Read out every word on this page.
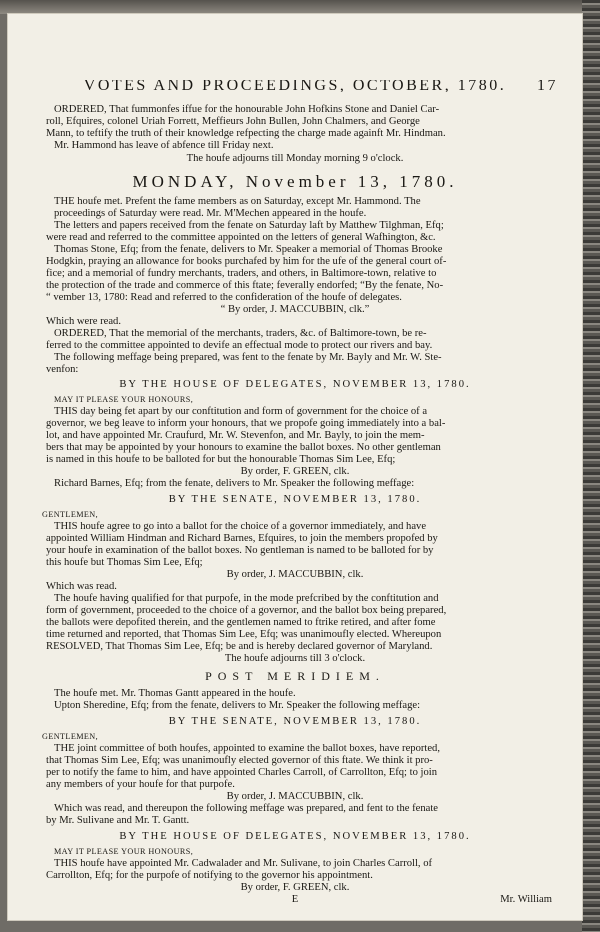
VOTES AND PROCEEDINGS, OCTOBER, 1780. 17
ORDERED, That fummonfes iffue for the honourable John Hofkins Stone and Daniel Car-
roll, Efquires, colonel Uriah Forrett, Meffieurs John Bullen, John Chalmers, and George
Mann, to teftify the truth of their knowledge refpecting the charge made againft Mr. Hindman.
Mr. Hammond has leave of abfence till Friday next.
The houfe adjourns till Monday morning 9 o'clock.
MONDAY, November 13, 1780.
THE houfe met. Prefent the fame members as on Saturday, except Mr. Hammond. The
proceedings of Saturday were read. Mr. M'Mechen appeared in the houfe.
The letters and papers received from the fenate on Saturday laft by Matthew Tilghman, Efq;
were read and referred to the committee appointed on the letters of general Wafhington, &c.
Thomas Stone, Efq; from the fenate, delivers to Mr. Speaker a memorial of Thomas Brooke
Hodgkin, praying an allowance for books purchafed by him for the ufe of the general court of-
fice; and a memorial of fundry merchants, traders, and others, in Baltimore-town, relative to
the protection of the trade and commerce of this ftate; feverally endorfed; “By the fenate, No-
“ vember 13, 1780: Read and referred to the confideration of the houfe of delegates.
“ By order, J. MACCUBBIN, clk.”
Which were read.
ORDERED, That the memorial of the merchants, traders, &c. of Baltimore-town, be re-
ferred to the committee appointed to devife an effectual mode to protect our rivers and bay.
The following meffage being prepared, was fent to the fenate by Mr. Bayly and Mr. W. Ste-
venfon:
BY THE HOUSE OF DELEGATES, NOVEMBER 13, 1780.
MAY IT PLEASE YOUR HONOURS,
THIS day being fet apart by our conftitution and form of government for the choice of a
governor, we beg leave to inform your honours, that we propofe going immediately into a bal-
lot, and have appointed Mr. Craufurd, Mr. W. Stevenfon, and Mr. Bayly, to join the mem-
bers that may be appointed by your honours to examine the ballot boxes. No other gentleman
is named in this houfe to be balloted for but the honourable Thomas Sim Lee, Efq;
By order, F. GREEN, clk.
Richard Barnes, Efq; from the fenate, delivers to Mr. Speaker the following meffage:
BY THE SENATE, NOVEMBER 13, 1780.
GENTLEMEN,
THIS houfe agree to go into a ballot for the choice of a governor immediately, and have
appointed William Hindman and Richard Barnes, Efquires, to join the members propofed by
your houfe in examination of the ballot boxes. No gentleman is named to be balloted for by
this houfe but Thomas Sim Lee, Efq;
By order, J. MACCUBBIN, clk.
Which was read.
The houfe having qualified for that purpofe, in the mode prefcribed by the conftitution and
form of government, proceeded to the choice of a governor, and the ballot box being prepared,
the ballots were depofited therein, and the gentlemen named to ftrike retired, and after fome
time returned and reported, that Thomas Sim Lee, Efq; was unanimoufly elected. Whereupon
RESOLVED, That Thomas Sim Lee, Efq; be and is hereby declared governor of Maryland.
The houfe adjourns till 3 o'clock.
POST MERIDIEM.
The houfe met. Mr. Thomas Gantt appeared in the houfe.
Upton Sheredine, Efq; from the fenate, delivers to Mr. Speaker the following meffage:
BY THE SENATE, NOVEMBER 13, 1780.
GENTLEMEN,
THE joint committee of both houfes, appointed to examine the ballot boxes, have reported,
that Thomas Sim Lee, Efq; was unanimoufly elected governor of this ftate. We think it pro-
per to notify the fame to him, and have appointed Charles Carroll, of Carrollton, Efq; to join
any members of your houfe for that purpofe.
By order, J. MACCUBBIN, clk.
Which was read, and thereupon the following meffage was prepared, and fent to the fenate
by Mr. Sulivane and Mr. T. Gantt.
BY THE HOUSE OF DELEGATES, NOVEMBER 13, 1780.
MAY IT PLEASE YOUR HONOURS,
THIS houfe have appointed Mr. Cadwalader and Mr. Sulivane, to join Charles Carroll, of
Carrollton, Efq; for the purpofe of notifying to the governor his appointment.
By order, F. GREEN, clk.
E	Mr. William
